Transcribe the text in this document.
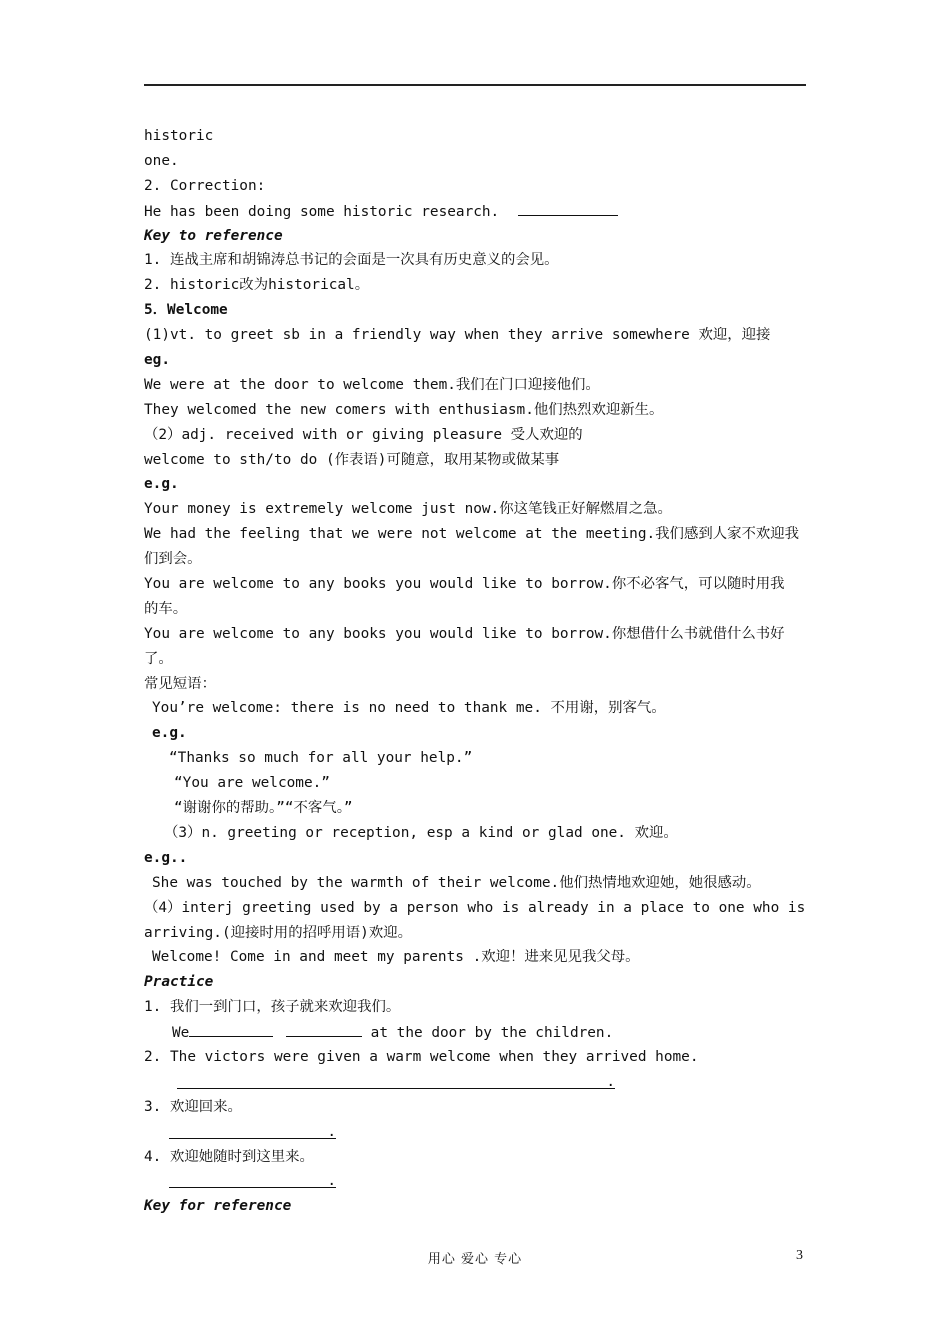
historic
one.
2. Correction:
He has been doing some historic research.
Key to reference
1. 连战主席和胡锦涛总书记的会面是一次具有历史意义的会见。
2. historic改为historical。
5．Welcome
(1)vt. to greet sb in a friendly way when they arrive somewhere 欢迎，迎接
eg.
We were at the door to welcome them.我们在门口迎接他们。
They welcomed the new comers with enthusiasm.他们热烈欢迎新生。
（2）adj. received with or giving pleasure 受人欢迎的
welcome to sth/to do (作表语)可随意，取用某物或做某事
e.g.
Your money is extremely welcome just now.你这笔钱正好解燃眉之急。
We had the feeling that we were not welcome at the meeting.我们感到人家不欢迎我
们到会。
You are welcome to any books you would like to borrow.你不必客气，可以随时用我
的车。
You are welcome to any books you would like to borrow.你想借什么书就借什么书好
了。
常见短语：
You’re welcome: there is no need to thank me. 不用谢，别客气。
e.g.
“Thanks so much for all your help.”
“You are welcome.”
“谢谢你的帮助。”“不客气。”
（3）n. greeting or reception, esp a kind or glad one. 欢迎。
e.g..
She was touched by the warmth of their welcome.他们热情地欢迎她，她很感动。
（4）interj greeting used by a person who is already in a place to one who is
arriving.(迎接时用的招呼用语)欢迎。
Welcome! Come in and meet my parents .欢迎！进来见见我父母。
Practice
1. 我们一到门口，孩子就来欢迎我们。
We	at the door by the children.
2. The victors were given a warm welcome when they arrived home.
.
3. 欢迎回来。
.
4. 欢迎她随时到这里来。
.
Key for reference
用心 爱心 专心	3
